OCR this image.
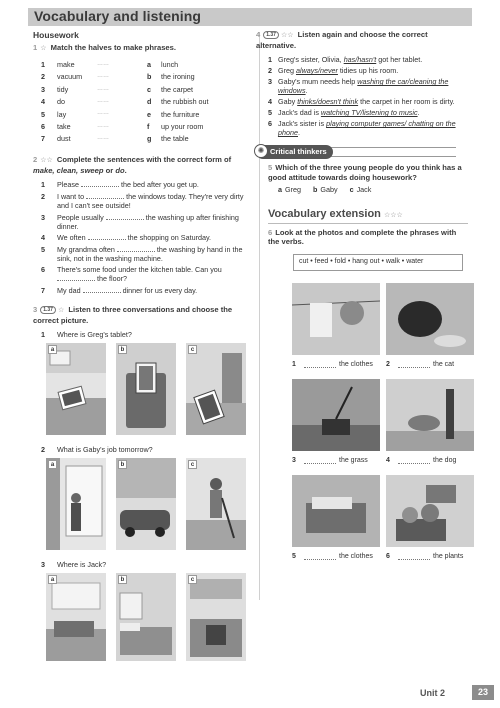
Vocabulary and listening
Housework
1 ☆ Match the halves to make phrases.
1	make	……	a	lunch
2	vacuum	……	b	the ironing
3	tidy	……	c	the carpet
4	do	……	d	the rubbish out
5	lay	……	e	the furniture
6	take	……	f	up your room
7	dust	……	g	the table
2 ☆☆ Complete the sentences with the correct form of make, clean, sweep or do.
1	Please	the bed after you get up.
2	I want to	the windows today. They're very dirty and I can't see outside!
3	People usually	the washing up after finishing dinner.
4	We often	the shopping on Saturday.
5	My grandma often	the washing by hand in the sink, not in the washing machine.
6	There's some food under the kitchen table. Can you  the floor?
7	My dad	dinner for us every day.
3 1.37 ☆ Listen to three conversations and choose the correct picture.
1	Where is Greg's tablet?
a	b	c
2	What is Gaby's job tomorrow?
a	b	c
3	Where is Jack?
a	b	c
4 1.37 ☆☆ Listen again and choose the correct alternative.
1 Greg's sister, Olivia, has/hasn't got her tablet.
2 Greg always/never tidies up his room.
3 Gaby's mum needs help washing the car/cleaning the windows.
4 Gaby thinks/doesn't think the carpet in her room is dirty.
5 Jack's dad is watching TV/listening to music.
6 Jack's sister is playing computer games/ chatting on the phone.
Critical thinkers
✺
5 Which of the three young people do you think has a good attitude towards doing housework?
a Greg b Gaby c Jack
Vocabulary extension ☆☆☆
6 Look at the photos and complete the phrases with the verbs.
cut • feed • fold • hang out • walk • water
1	the clothes 2	the cat
3	the grass	4	the dog
5	the clothes 6	the plants
Unit 2	23
